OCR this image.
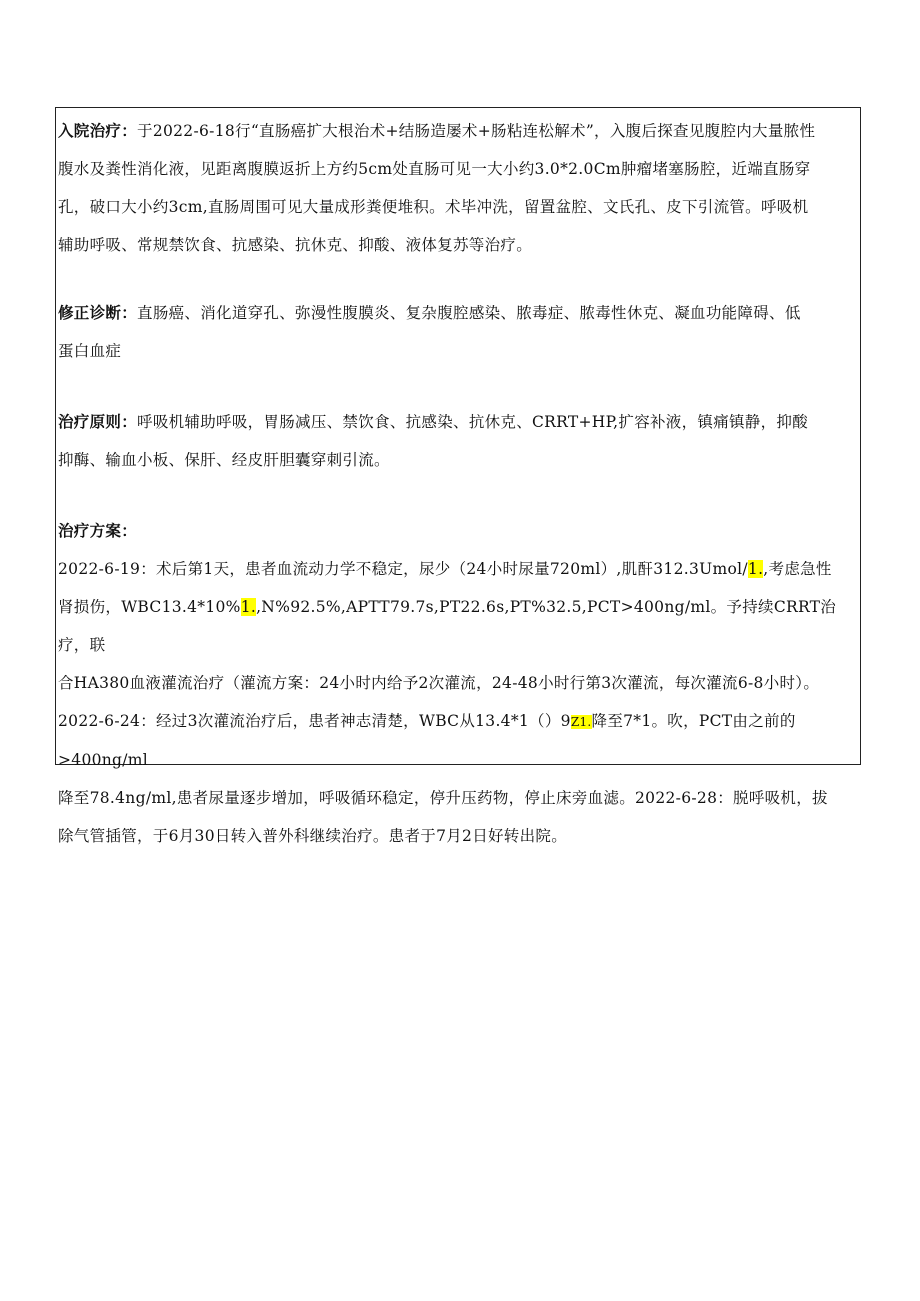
入院治疗：于2022-6-18行“直肠癌扩大根治术+结肠造屡术+肠粘连松解术”，入腹后探查见腹腔内大量脓性

腹水及粪性消化液，见距离腹膜返折上方约5cm处直肠可见一大小约3.0*2.0Cm肿瘤堵塞肠腔，近端直肠穿

孔，破口大小约3cm,直肠周围可见大量成形粪便堆积。术毕冲洗，留置盆腔、文氏孔、皮下引流管。呼吸机

辅助呼吸、常规禁饮食、抗感染、抗休克、抑酸、液体复苏等治疗。

修正诊断：直肠癌、消化道穿孔、弥漫性腹膜炎、复杂腹腔感染、脓毒症、脓毒性休克、凝血功能障碍、低

蛋白血症

治疗原则：呼吸机辅助呼吸，胃肠减压、禁饮食、抗感染、抗休克、CRRT+HP,扩容补液，镇痛镇静，抑酸

抑酶、输血小板、保肝、经皮肝胆囊穿刺引流。

治疗方案：

2022-6-19：术后第1天，患者血流动力学不稳定，尿少（24小时尿量720ml）,肌酐312.3Umol/1.,考虑急性

肾损伤，WBC13.4*10%1.,N%92.5%,APTT79.7s,PT22.6s,PT%32.5,PCT>400ng/ml。予持续CRRT治疗，联

合HA380血液灌流治疗（灌流方案：24小时内给予2次灌流，24-48小时行第3次灌流，每次灌流6-8小时）。

2022-6-24：经过3次灌流治疗后，患者神志清楚，WBC从13.4*1（）9Z1.降至7*1。吹，PCT由之前的>400ng/ml

降至78.4ng/ml,患者尿量逐步增加，呼吸循环稳定，停升压药物，停止床旁血滤。2022-6-28：脱呼吸机，拔

除气管插管，于6月30日转入普外科继续治疗。患者于7月2日好转出院。
